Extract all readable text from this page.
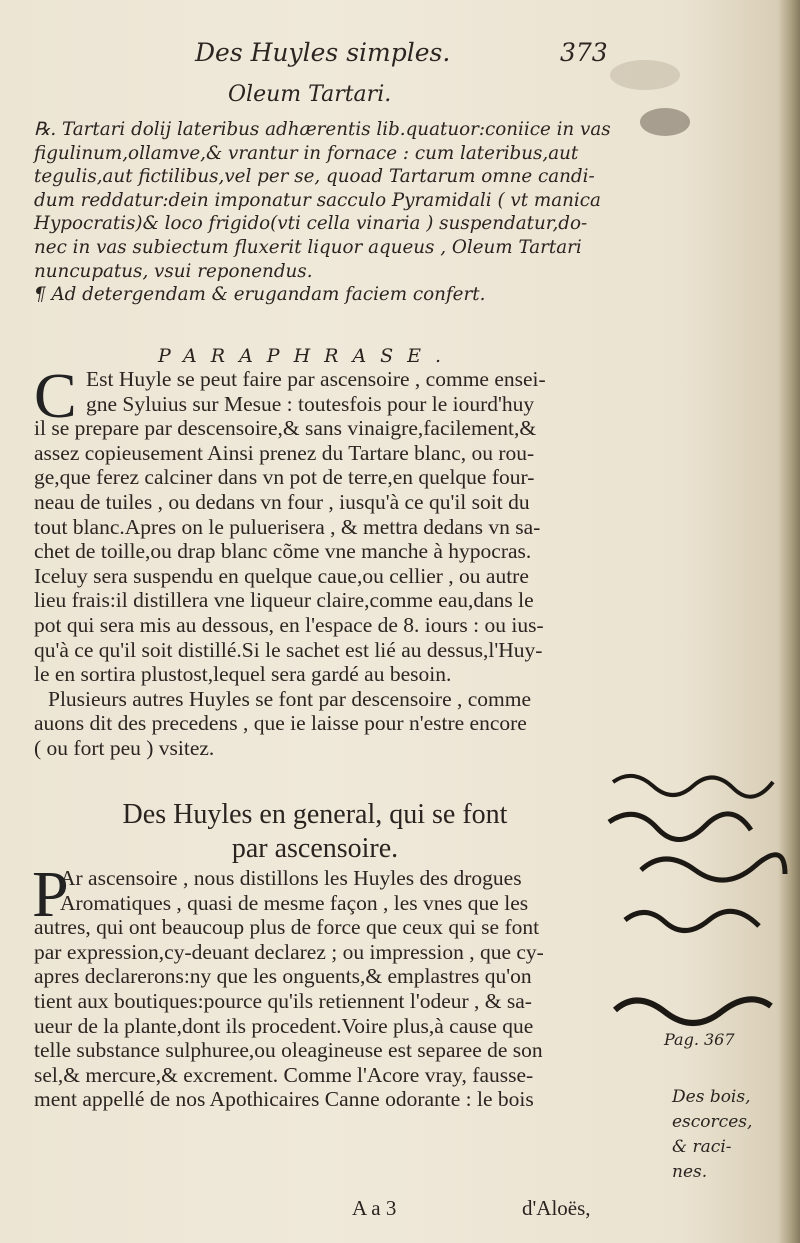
Des Huyles simples.	373
Oleum Tartari.
℞. Tartari dolij lateribus adhærentis lib.quatuor:coniice in vas
figulinum,ollamve,& vrantur in fornace : cum lateribus,aut
tegulis,aut fictilibus,vel per se, quoad Tartarum omne candi-
dum reddatur:dein imponatur sacculo Pyramidali ( vt manica
Hypocratis)& loco frigido(vti cella vinaria ) suspendatur,do-
nec in vas subiectum fluxerit liquor aqueus , Oleum Tartari
nuncupatus, vsui reponendus.
¶ Ad detergendam & erugandam faciem confert.
PARAPHRASE.
C Est Huyle se peut faire par ascensoire , comme ensei-
gne Syluius sur Mesue : toutesfois pour le iourd'huy
il se prepare par descensoire,& sans vinaigre,facilement,&
assez copieusement Ainsi prenez du Tartare blanc, ou rou-
ge,que ferez calciner dans vn pot de terre,en quelque four-
neau de tuiles , ou dedans vn four , iusqu'à ce qu'il soit du
tout blanc.Apres on le puluerisera , & mettra dedans vn sa-
chet de toille,ou drap blanc cõme vne manche à hypocras.
Iceluy sera suspendu en quelque caue,ou cellier , ou autre
lieu frais:il distillera vne liqueur claire,comme eau,dans le
pot qui sera mis au dessous, en l'espace de 8. iours : ou ius-
qu'à ce qu'il soit distillé.Si le sachet est lié au dessus,l'Huy-
le en sortira plustost,lequel sera gardé au besoin.
Plusieurs autres Huyles se font par descensoire , comme
auons dit des precedens , que ie laisse pour n'estre encore
( ou fort peu ) vsitez.
Des Huyles en general, qui se font
par ascensoire.
P
Ar ascensoire , nous distillons les Huyles des drogues
Aromatiques , quasi de mesme façon , les vnes que les
autres, qui ont beaucoup plus de force que ceux qui se font
par expression,cy-deuant declarez ; ou impression , que cy-
apres declarerons:ny que les onguents,& emplastres qu'on
tient aux boutiques:pource qu'ils retiennent l'odeur , & sa-
ueur de la plante,dont ils procedent.Voire plus,à cause que
telle substance sulphuree,ou oleagineuse est separee de son
sel,& mercure,& excrement. Comme l'Acore vray, fausse-
ment appellé de nos Apothicaires Canne odorante : le bois
Pag. 367
Des bois,
escorces,
& raci-
nes.
A a 3	d'Aloës,
